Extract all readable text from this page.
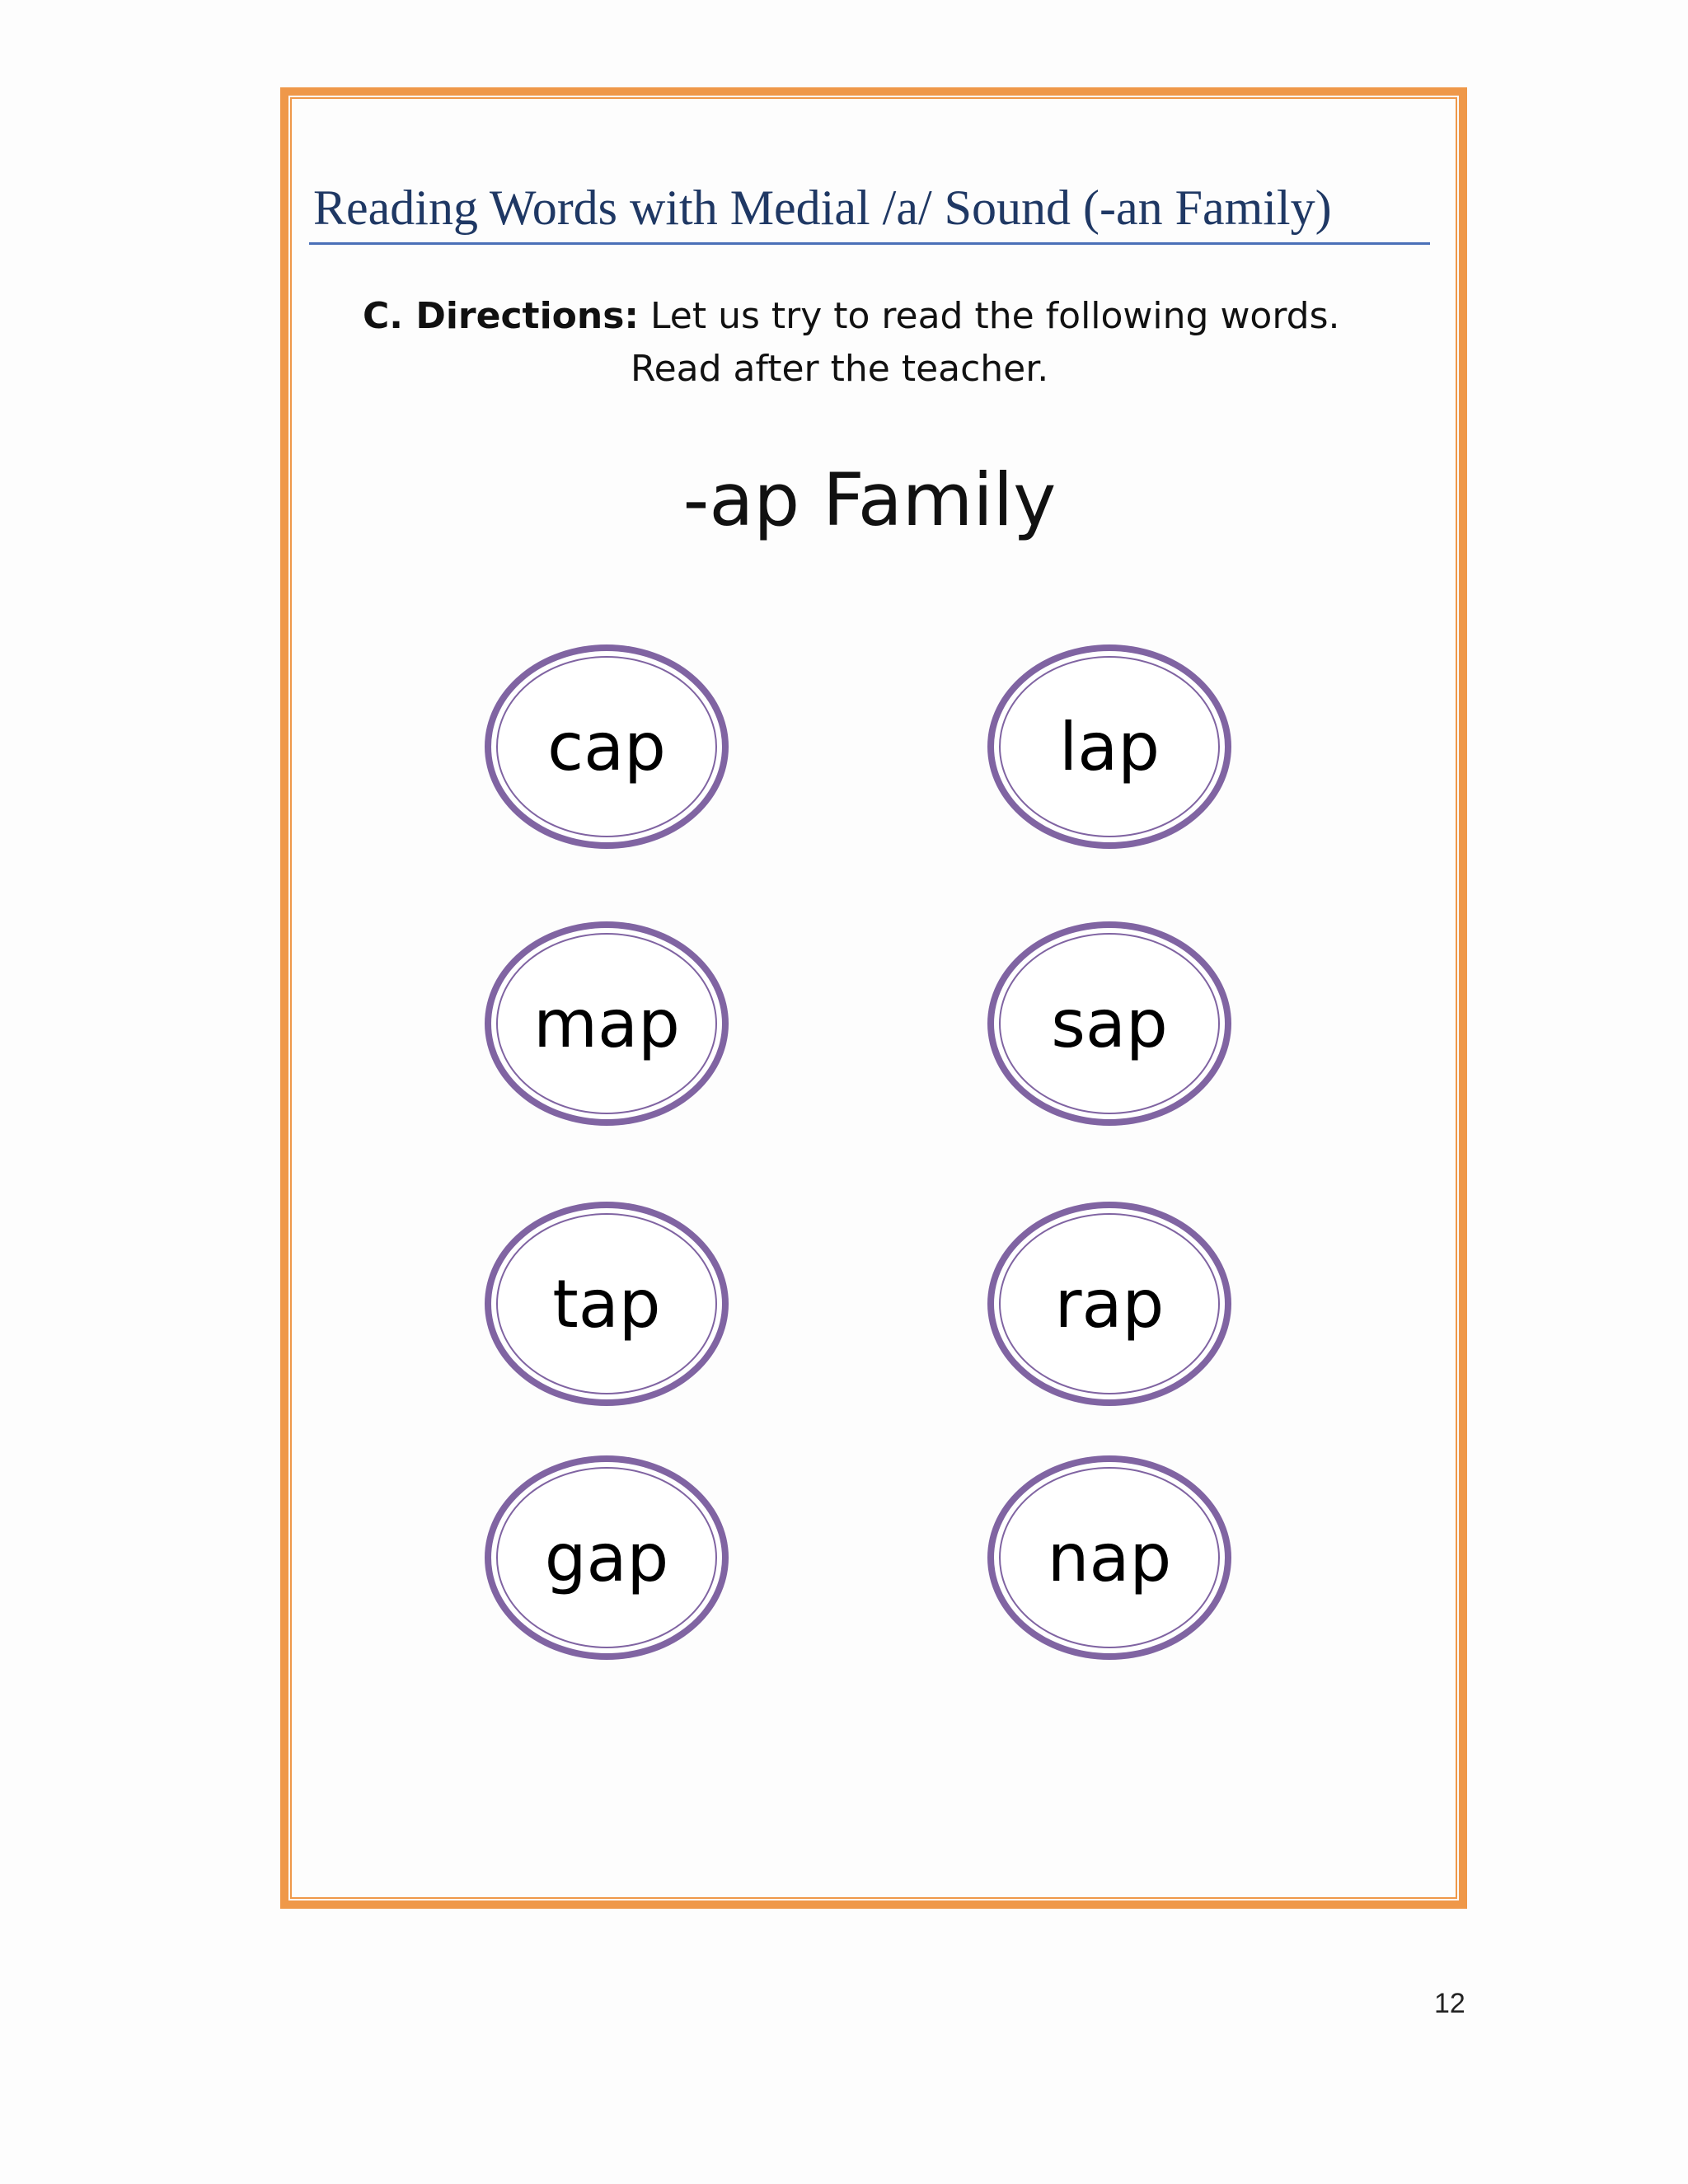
Reading Words with Medial /a/ Sound (-an Family)
C. Directions: Let us try to read the following words.
Read after the teacher.
-ap Family
cap
map
tap
gap
lap
sap
rap
nap
12
